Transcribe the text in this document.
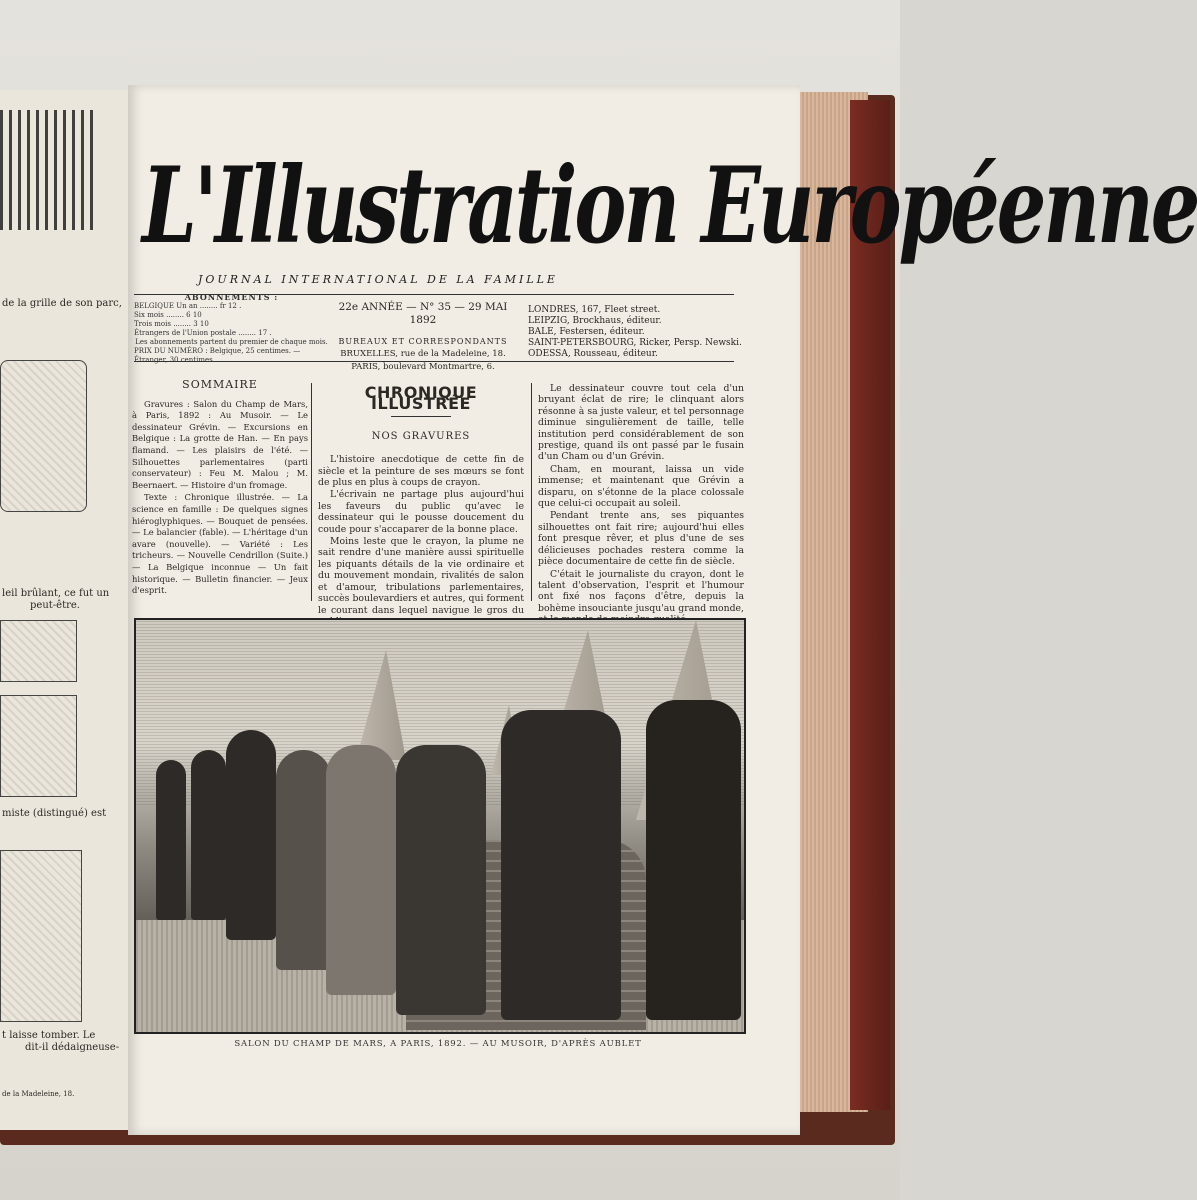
de la grille de son parc,
leil brûlant, ce fut un
peut-être.
miste (distingué) est
t laisse tomber. Le
dit-il dédaigneuse-
de la Madeleine, 18.
L'Illustration Européenne
JOURNAL INTERNATIONAL DE LA FAMILLE
ABONNEMENTS :
BELGIQUE Un an ........ fr 12 .
Six mois ........ 6 10
Trois mois ........ 3 10
Étrangers de l'Union postale ........ 17 .
Les abonnements partent du premier de chaque mois.
PRIX DU NUMÉRO : Belgique, 25 centimes. — Étranger, 30 centimes.
22e ANNÉE — N° 35 — 29 MAI 1892
BUREAUX ET CORRESPONDANTS
BRUXELLES, rue de la Madeleine, 18.
PARIS, boulevard Montmartre, 6.
LONDRES, 167, Fleet street.
LEIPZIG, Brockhaus, éditeur.
BALE, Festersen, éditeur.
SAINT-PETERSBOURG, Ricker, Persp. Newski.
ODESSA, Rousseau, éditeur.
SOMMAIRE

Gravures : Salon du Champ de Mars, à Paris, 1892 : Au Musoir. — Le dessinateur Grévin. — Excursions en Belgique : La grotte de Han. — En pays flamand. — Les plaisirs de l'été. — Silhouettes parlementaires (parti conservateur) : Feu M. Malou ; M. Beernaert. — Histoire d'un fromage.

Texte : Chronique illustrée. — La science en famille : De quelques signes hiéroglyphiques. — Bouquet de pensées. — Le balancier (fable). — L'héritage d'un avare (nouvelle). — Variété : Les tricheurs. — Nouvelle Cendrillon (Suite.) — La Belgique inconnue — Un fait historique. — Bulletin financier. — Jeux d'esprit.

CHRONIQUE ILLUSTRÉE
NOS GRAVURES

L'histoire anecdotique de cette fin de siècle et la peinture de ses mœurs se font de plus en plus à coups de crayon.

L'écrivain ne partage plus aujourd'hui les faveurs du public qu'avec le dessinateur qui le pousse doucement du coude pour s'accaparer de la bonne place.

Moins leste que le crayon, la plume ne sait rendre d'une manière aussi spirituelle les piquants détails de la vie ordinaire et du mouvement mondain, rivalités de salon et d'amour, tribulations parlementaires, succès boulevardiers et autres, qui forment le courant dans lequel navigue le gros du

Le dessinateur couvre tout cela d'un bruyant éclat de rire; le clinquant alors résonne à sa juste valeur, et tel personnage diminue singulièrement de taille, telle institution perd considérablement de son prestige, quand ils ont passé par le fusain d'un Cham ou d'un Grévin.

Cham, en mourant, laissa un vide immense; et maintenant que Grévin a disparu, on s'étonne de la place colossale que celui-ci occupait au soleil.

Pendant trente ans, ses piquantes silhouettes ont fait rire; aujourd'hui elles font presque rêver, et plus d'une de ses délicieuses pochades restera comme la pièce documentaire de cette fin de siècle.

C'était le journaliste du crayon, dont le talent d'observation, l'esprit et l'humour ont fixé nos façons d'être, depuis la bohème insouciante jusqu'au grand monde,

SALON DU CHAMP DE MARS, A PARIS, 1892. — AU MUSOIR, D'APRÈS AUBLET
